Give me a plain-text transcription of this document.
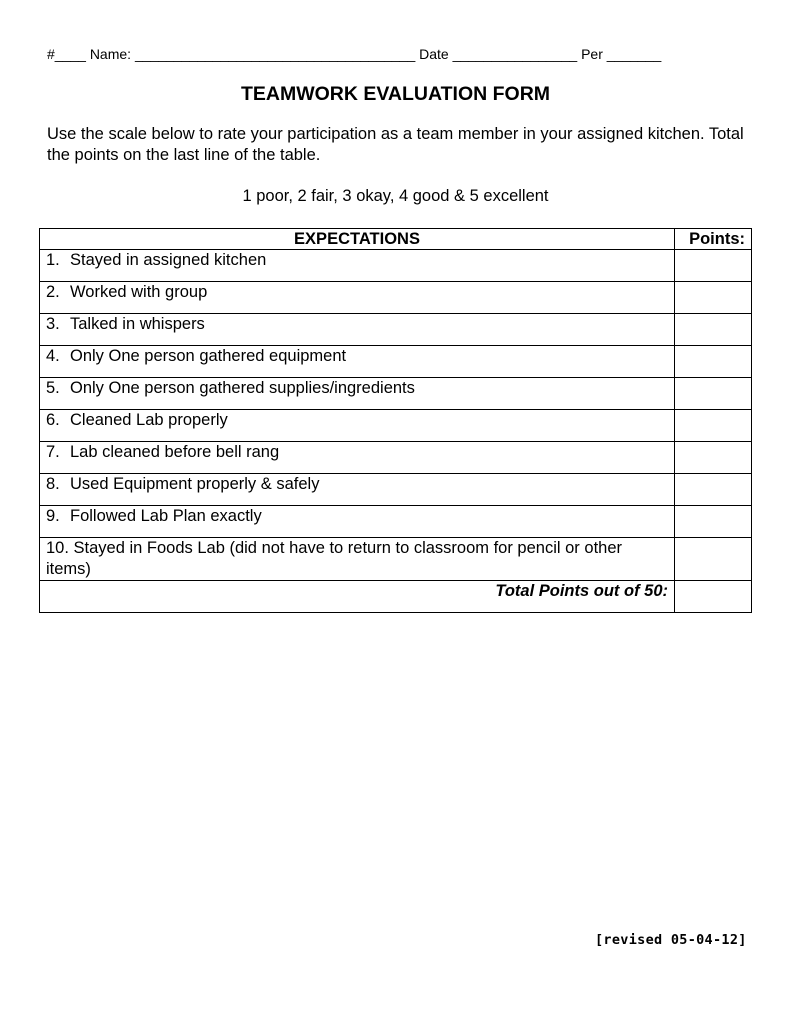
#____ Name: ____________________________________ Date ________________ Per _______
TEAMWORK EVALUATION FORM
Use the scale below to rate your participation as a team member in your assigned kitchen. Total the points on the last line of the table.
1 poor, 2 fair, 3 okay, 4 good & 5 excellent
EXPECTATIONS	Points:
1. Stayed in assigned kitchen	
2. Worked with group	
3. Talked in whispers	
4. Only One person gathered equipment	
5. Only One person gathered supplies/ingredients	
6. Cleaned Lab properly	
7. Lab cleaned before bell rang	
8. Used Equipment properly & safely	
9. Followed Lab Plan exactly	
10. Stayed in Foods Lab (did not have to return to classroom for pencil or other items)	
Total Points out of 50:	
[revised 05-04-12]
